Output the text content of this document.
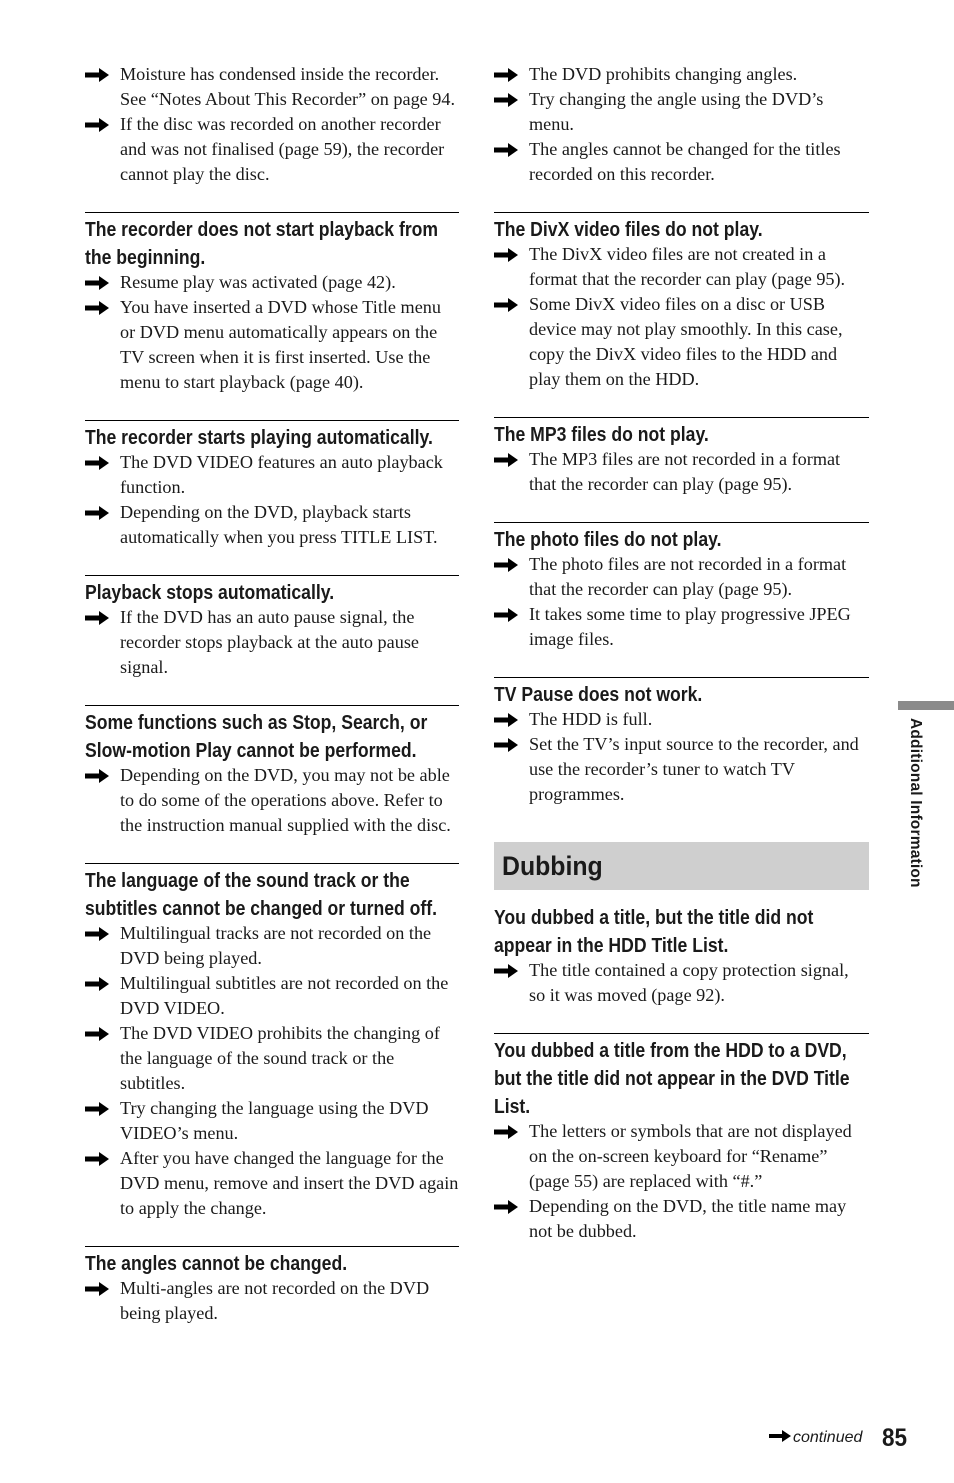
Moisture has condensed inside the recorder. See “Notes About This Recorder” on page 94.
If the disc was recorded on another recorder and was not finalised (page 59), the recorder cannot play the disc.
The recorder does not start playback from the beginning.
Resume play was activated (page 42).
You have inserted a DVD whose Title menu or DVD menu automatically appears on the TV screen when it is first inserted. Use the menu to start playback (page 40).
The recorder starts playing automatically.
The DVD VIDEO features an auto playback function.
Depending on the DVD, playback starts automatically when you press TITLE LIST.
Playback stops automatically.
If the DVD has an auto pause signal, the recorder stops playback at the auto pause signal.
Some functions such as Stop, Search, or Slow-motion Play cannot be performed.
Depending on the DVD, you may not be able to do some of the operations above. Refer to the instruction manual supplied with the disc.
The language of the sound track or the subtitles cannot be changed or turned off.
Multilingual tracks are not recorded on the DVD being played.
Multilingual subtitles are not recorded on the DVD VIDEO.
The DVD VIDEO prohibits the changing of the language of the sound track or the subtitles.
Try changing the language using the DVD VIDEO’s menu.
After you have changed the language for the DVD menu, remove and insert the DVD again to apply the change.
The angles cannot be changed.
Multi-angles are not recorded on the DVD being played.
The DVD prohibits changing angles.
Try changing the angle using the DVD’s menu.
The angles cannot be changed for the titles recorded on this recorder.
The DivX video files do not play.
The DivX video files are not created in a format that the recorder can play (page 95).
Some DivX video files on a disc or USB device may not play smoothly. In this case, copy the DivX video files to the HDD and play them on the HDD.
The MP3 files do not play.
The MP3 files are not recorded in a format that the recorder can play (page 95).
The photo files do not play.
The photo files are not recorded in a format that the recorder can play (page 95).
It takes some time to play progressive JPEG image files.
TV Pause does not work.
The HDD is full.
Set the TV’s input source to the recorder, and use the recorder’s tuner to watch TV programmes.
Dubbing
You dubbed a title, but the title did not appear in the HDD Title List.
The title contained a copy protection signal, so it was moved (page 92).
You dubbed a title from the HDD to a DVD, but the title did not appear in the DVD Title List.
The letters or symbols that are not displayed on the on-screen keyboard for “Rename” (page 55) are replaced with “#.”
Depending on the DVD, the title name may not be dubbed.
Additional Information
continued 85
